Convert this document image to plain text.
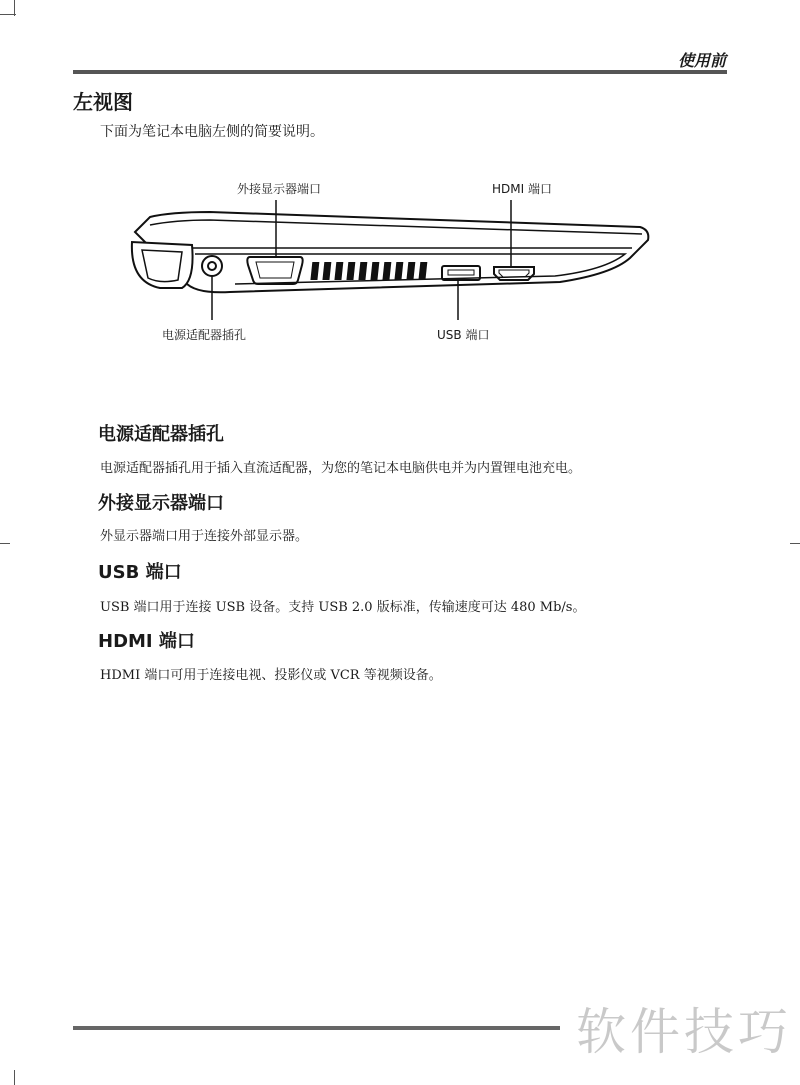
使用前
左视图
下面为笔记本电脑左侧的简要说明。
外接显示器端口	HDMI 端口
电源适配器插孔	USB 端口
电源适配器插孔
电源适配器插孔用于插入直流适配器，为您的笔记本电脑供电并为内置锂电池充电。
外接显示器端口
外显示器端口用于连接外部显示器。
USB 端口
USB 端口用于连接 USB 设备。支持 USB 2.0 版标准，传输速度可达 480 Mb/s。
HDMI 端口
HDMI 端口可用于连接电视、投影仪或 VCR 等视频设备。
软件技巧
